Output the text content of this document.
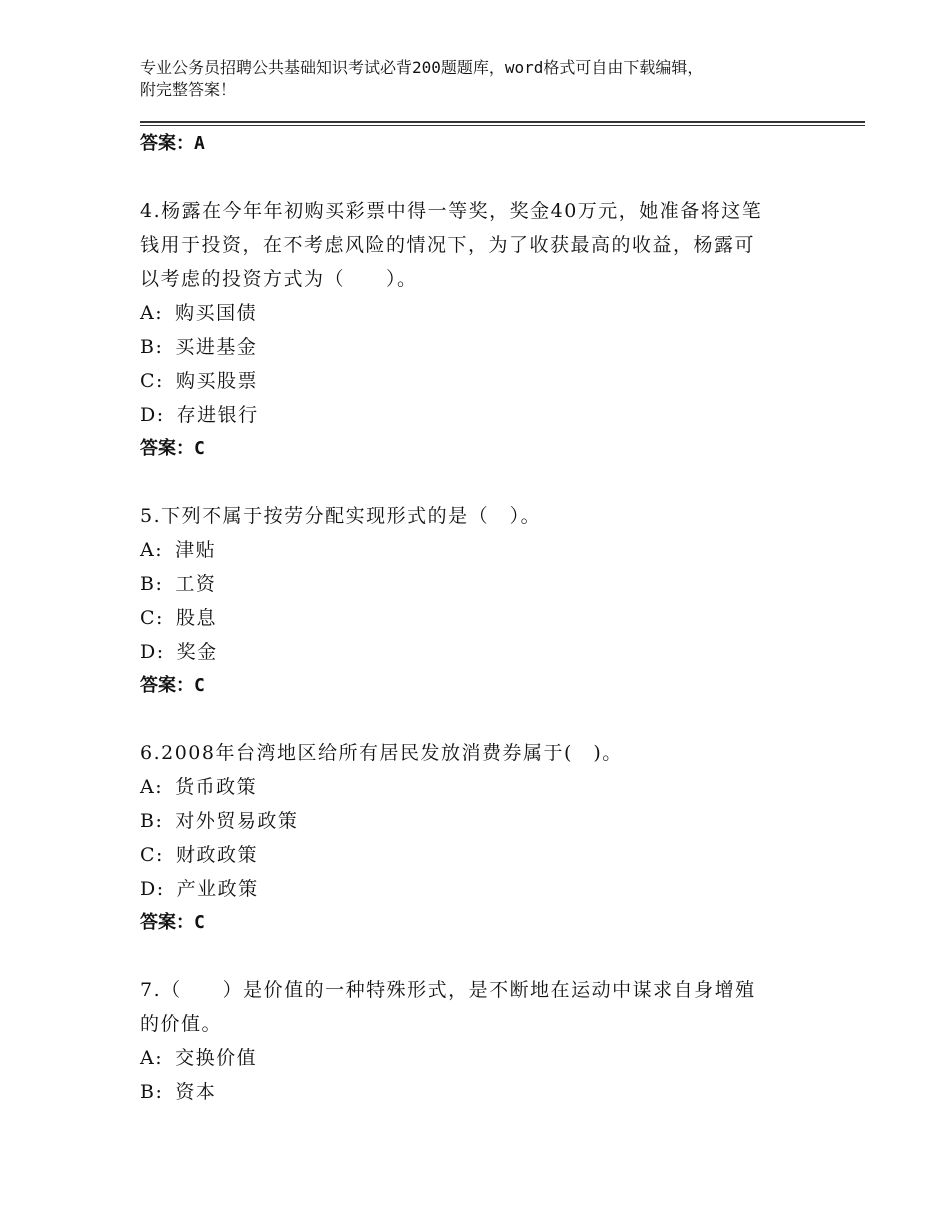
专业公务员招聘公共基础知识考试必背200题题库，word格式可自由下载编辑，
附完整答案！
答案：A
4.杨露在今年年初购买彩票中得一等奖，奖金40万元，她准备将这笔
钱用于投资，在不考虑风险的情况下，为了收获最高的收益，杨露可
以考虑的投资方式为（　　）。
A: 购买国债
B: 买进基金
C: 购买股票
D: 存进银行
答案：C
5.下列不属于按劳分配实现形式的是（　）。
A: 津贴
B: 工资
C: 股息
D: 奖金
答案：C
6.2008年台湾地区给所有居民发放消费券属于(　)。
A: 货币政策
B: 对外贸易政策
C: 财政政策
D: 产业政策
答案：C
7.（　　）是价值的一种特殊形式，是不断地在运动中谋求自身增殖
的价值。
A: 交换价值
B: 资本
